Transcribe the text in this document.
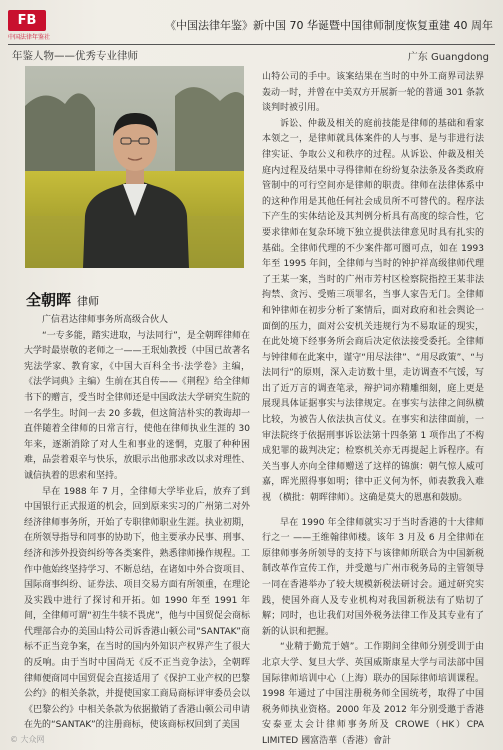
FB
中国法律年鉴社
《中国法律年鉴》新中国 70 华诞暨中国律师制度恢复重建 40 周年
年鉴人物——优秀专业律师	广东 Guangdong
全朝晖 律师

广信君达律师事务所高级合伙人

“一专多能，踏实进取，与法同行”，是全朝晖律师在大学时最崇敬的老师之一——王珉灿教授（中国已故著名宪法学家、教育家，《中国大百科全书·法学卷》主编，《法学词典》主编）生前在其自传——《荆程》给全律师书下的赠言，受当时全律师还是中国政法大学研究生院的一名学生。时间一去 20 多载，但这简洁朴实的教诲却一直伴随着全律师的日常言行，使他在律师执业生涯的 30 年来，逐渐消除了对人生和事业的迷惘，克服了种种困难，品尝着艰辛与快乐，放眼示出他那求改以求对理性、诚信执着的思索和坚持。

早在 1988 年 7 月，全律师大学毕业后，放弃了到中国银行正式报道的机会，回到原来实习的广州第二对外经济律师事务所，开始了专职律师职业生涯。执业初期，在所领导指导和同事的协助下，他主要承办民事、刑事、经济和涉外投资纠纷等各类案件，熟悉律师操作规程。工作中他始终坚持学习、不断总结，在诸如中外合资项目、国际商事纠纷、证券法、项目交易方面有所领重，在理论及实践中进行了探讨和开拓。如 1990 年至 1991 年间，全律师可谓“初生牛犊不畏虎”，他与中国贸促会商标代理部合办的美国山特公司诉香港山顿公司“SANTAK”商标不正当竞争案，在当时的国内外知识产权界产生了很大的反响。由于当时中国尚无《反不正当竞争法》，全朝晖律师便商同中国贸促会直接适用了《保护工业产权的巴黎公约》的相关条款，并提使国家工商局商标评审委员会以《巴黎公约》中相关条款为依据撤销了香港山顿公司申请在先的“SANTAK”的注册商标，使该商标权回到了美国

山特公司的手中。该案结果在当时的中外工商界司法界轰动一时，并曾在中美双方开展新一轮的普通 301 条款谈判时被引用。

诉讼、仲裁及相关的庭前技能是律师的基础和看家本领之一，是律师就具体案件的人与事、是与非进行法律实证、争取公义和秩序的过程。从诉讼、仲裁及相关庭内过程及结果中寻得律师在纷纷复杂法条及各类政府管制中的可行空间亦是律师的职责。律师在法律体系中的这种作用是其他任何社会成员所不可替代的。程序法下产生的实体结论及其判例分析具有高度的综合性，它要求律师在复杂环境下独立提供法律意见时具有扎实的基础。全律师代理的不少案件都可圈可点，如在 1993 年至 1995 年间，全律师与当时的钟护祥高级律师代理了王某一案，当时的广州市芳村区检察院指控王某非法拘禁、贪污、受贿三项罪名，当事人家告无门。全律师和钟律师在初步分析了案情后，面对政府和社会舆论一面倒的压力，面对公安机关违规行为不易取证的现实，在此处境下经事务所会商后决定依法接受委托。全律师与钟律师在此案中，谨守“用尽法律”、“用尽政策”、“与法同行”的原则，深入走访数十里，走访调查不气馁，写出了近万言的调查笔录，辩护词亦精雕细刻，庭上更是展现具体证据事实与法律规定。在事实与法律之间纵横比较，为被告人依法执言仗义。在事实和法律面前，一审法院终于依据刑事诉讼法第十四条第 1 项作出了不构成犯罪的裁判决定；检察机关亦无再提起上诉程序。有关当事人亦向全律师赠送了这样的锦旗：朝气惊人威可嘉，晖光照得事如明；律中正义何为怀，师表教我入难视 （横批：朝晖律师）。这确是莫大的恩惠和鼓励。

早在 1990 年全律师就实习于当时香港的十大律师行之一 ——王维翰律师楼。该年 3 月及 6 月全律师在原律师事务所领导的支持下与该律师所联合为中国新税制改革作宣传工作，并受邀与广州市税务局的主管领导一同在香港举办了较大规模新税法研讨会。通过研究实践，使国外商人及专业机构对我国新税法有了贴切了解；同时，也让我们对国外税务法律工作及其专业有了新的认识和把握。

“业精于勤荒于嬉”。工作期间全律师分别受训于由北京大学、复旦大学、英国威斯康星大学与司法部中国国际律师培训中心（上海）联办的国际律师培训课程。1998 年通过了中国注册税务师全国统考，取得了中国税务师执业资格。2000 年及 2012 年分别受邀于香港安泰亚太会计律师事务所及 CROWE（HK）CPA LIMITED 國富浩華（香港）會計

© 大众网
